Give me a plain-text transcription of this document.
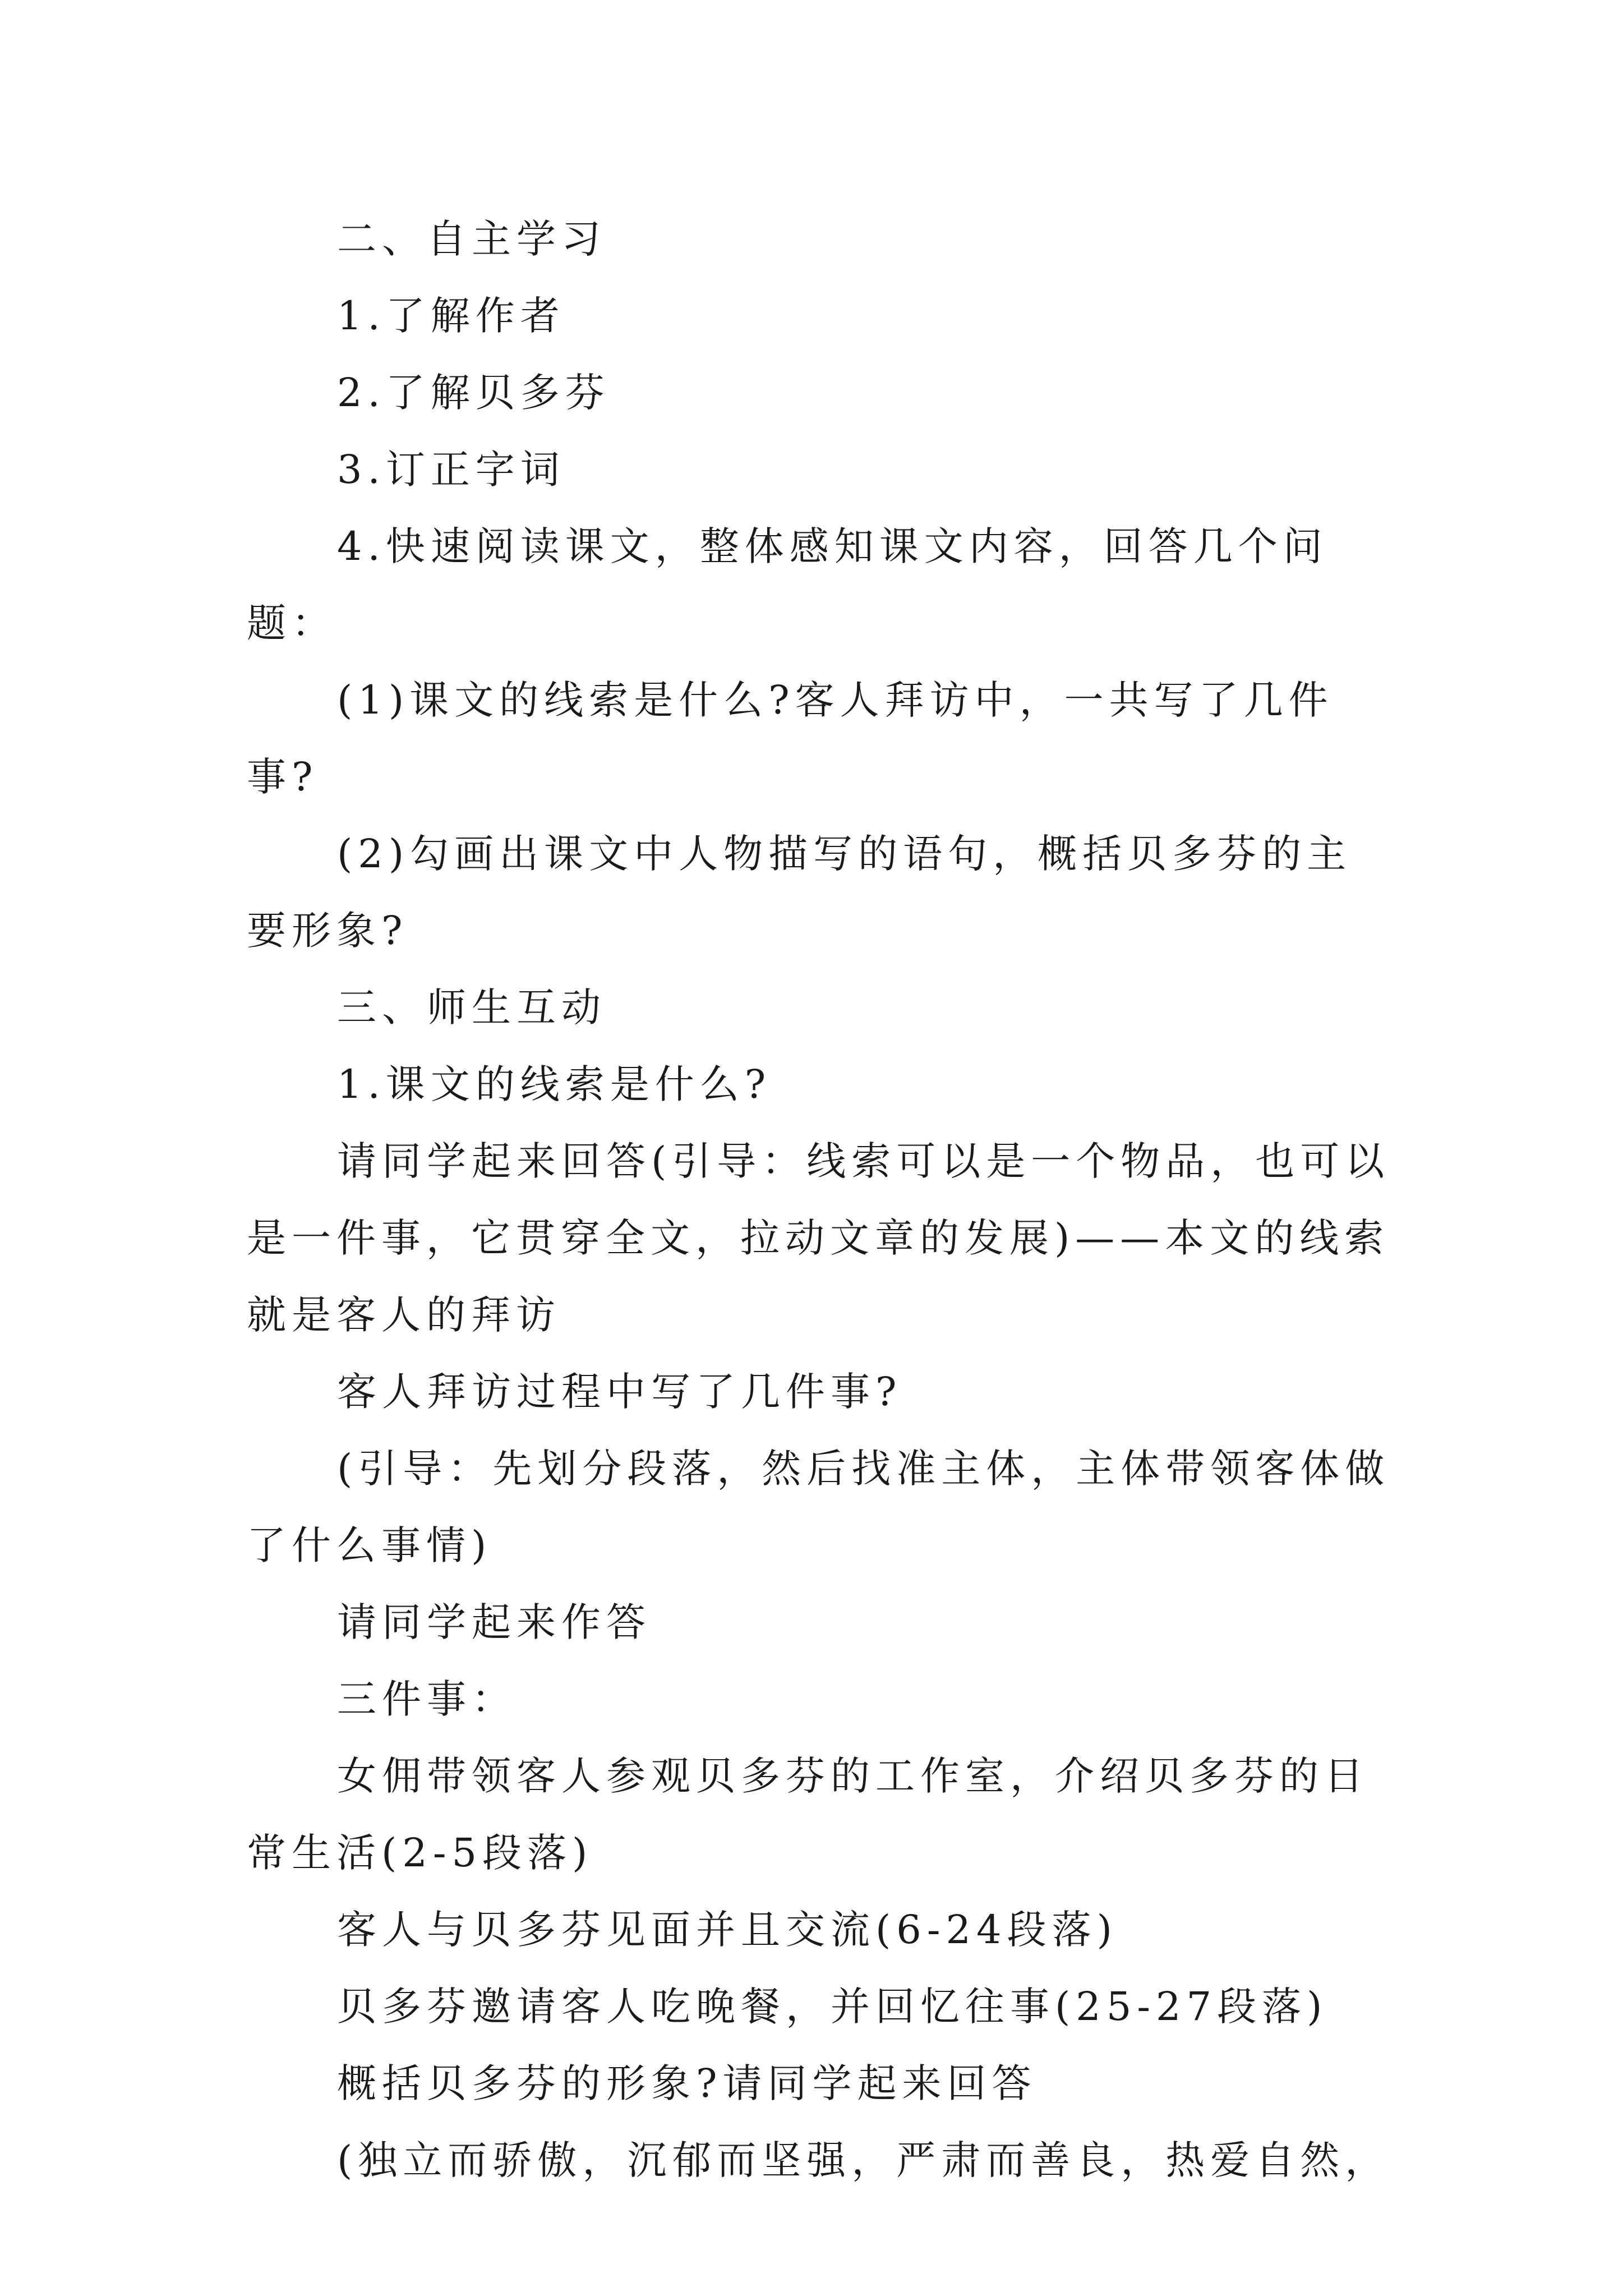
二、自主学习

1.了解作者

2.了解贝多芬

3.订正字词

4.快速阅读课文，整体感知课文内容，回答几个问题：

(1)课文的线索是什么?客人拜访中，一共写了几件事?

(2)勾画出课文中人物描写的语句，概括贝多芬的主要形象?

三、师生互动

1.课文的线索是什么?

请同学起来回答(引导：线索可以是一个物品，也可以是一件事，它贯穿全文，拉动文章的发展)——本文的线索就是客人的拜访

客人拜访过程中写了几件事?

(引导：先划分段落，然后找准主体，主体带领客体做了什么事情)

请同学起来作答

三件事：

女佣带领客人参观贝多芬的工作室，介绍贝多芬的日常生活(2-5段落)

客人与贝多芬见面并且交流(6-24段落)

贝多芬邀请客人吃晚餐，并回忆往事(25-27段落)

概括贝多芬的形象?请同学起来回答

(独立而骄傲，沉郁而坚强，严肃而善良，热爱自然，
